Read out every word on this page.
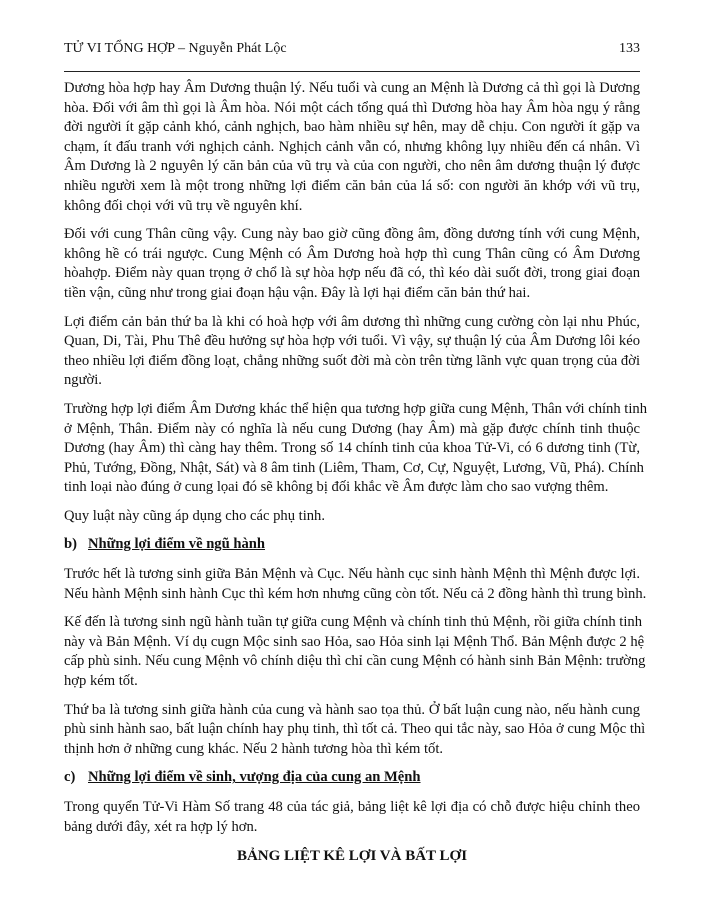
TỬ VI TỔNG HỢP – Nguyễn Phát Lộc	133
Dương hòa hợp hay Âm Dương thuận lý. Nếu tuổi và cung an Mệnh là Dương cả thì gọi là Dương
hòa. Đối với âm thì gọi là Âm hòa. Nói một cách tổng quá thì Dương hòa hay Âm hòa ngụ ý rằng
đời người ít gặp cảnh khó, cảnh nghịch, bao hàm nhiều sự hên, may dễ chịu. Con người ít gặp va
chạm, ít đấu tranh với nghịch cảnh. Nghịch cảnh vẫn có, nhưng không lụy nhiều đến cá nhân. Vì
Âm Dương là 2 nguyên lý căn bản của vũ trụ và của con người, cho nên âm dương thuận lý được
nhiều người xem là một trong những lợi điểm căn bản của lá số: con người ăn khớp với vũ trụ,
không đối chọi với vũ trụ về nguyên khí.
Đối với cung Thân cũng vậy. Cung này bao giờ cũng đồng âm, đồng dương tính với cung Mệnh,
không hề có trái ngược. Cung Mệnh có Âm Dương hoà hợp thì cung Thân cũng có Âm Dương
hòahợp. Điểm này quan trọng ở chổ là sự hòa hợp nếu đã có, thì kéo dài suốt đời, trong giai đoạn
tiền vận, cũng như trong giai đoạn hậu vận. Đây là lợi hại điểm căn bản thứ hai.
Lợi điểm cản bản thứ ba là khi có hoà hợp với âm dương thì những cung cường còn lại nhu Phúc,
Quan, Di, Tài, Phu Thê đều hưởng sự hòa hợp với tuổi. Vì vậy, sự thuận lý của Âm Dương lôi kéo
theo nhiều lợi điểm đồng loạt, chẳng những suốt đời mà còn trên từng lãnh vực quan trọng của đời
người.
Trường hợp lợi điểm Âm Dương khác thể hiện qua tương hợp giữa cung Mệnh, Thân với chính tinh
ở Mệnh, Thân. Điểm này có nghĩa là nếu cung Dương (hay Âm) mà gặp được chính tinh thuộc
Dương (hay Âm) thì càng hay thêm. Trong số 14 chính tinh của khoa Tử-Vi, có 6 dương tinh (Từ,
Phủ, Tướng, Đồng, Nhật, Sát) và 8 âm tinh (Liêm, Tham, Cơ, Cự, Nguyệt, Lương, Vũ, Phá). Chính
tinh loại nào đúng ở cung lọai đó sẽ không bị đối khắc về Âm được làm cho sao vượng thêm.
Quy luật này cũng áp dụng cho các phụ tinh.
b) Những lợi điểm về ngũ hành
Trước hết là tương sinh giữa Bản Mệnh và Cục. Nếu hành cục sinh hành Mệnh thì Mệnh được lợi.
Nếu hành Mệnh sinh hành Cục thì kém hơn nhưng cũng còn tốt. Nếu cả 2 đồng hành thì trung bình.
Kế đến là tương sinh ngũ hành tuần tự giữa cung Mệnh và chính tinh thủ Mệnh, rồi giữa chính tinh
này và Bản Mệnh. Ví dụ cugn Mộc sinh sao Hỏa, sao Hỏa sinh lại Mệnh Thổ. Bản Mệnh được 2 hệ
cấp phù sinh. Nếu cung Mệnh vô chính diệu thì chỉ cần cung Mệnh có hành sinh Bản Mệnh: trường
hợp kém tốt.
Thứ ba là tương sinh giữa hành của cung và hành sao tọa thủ. Ở bất luận cung nào, nếu hành cung
phù sinh hành sao, bất luận chính hay phụ tinh, thì tốt cả. Theo qui tắc này, sao Hỏa ở cung Mộc thì
thịnh hơn ở những cung khác. Nếu 2 hành tương hòa thì kém tốt.
c) Những lợi điểm về sinh, vượng địa của cung an Mệnh
Trong quyển Tử-Vi Hàm Số trang 48 của tác giả, bảng liệt kê lợi địa có chỗ được hiệu chỉnh theo
bảng dưới đây, xét ra hợp lý hơn.
BẢNG LIỆT KÊ LỢI VÀ BẤT LỢI
